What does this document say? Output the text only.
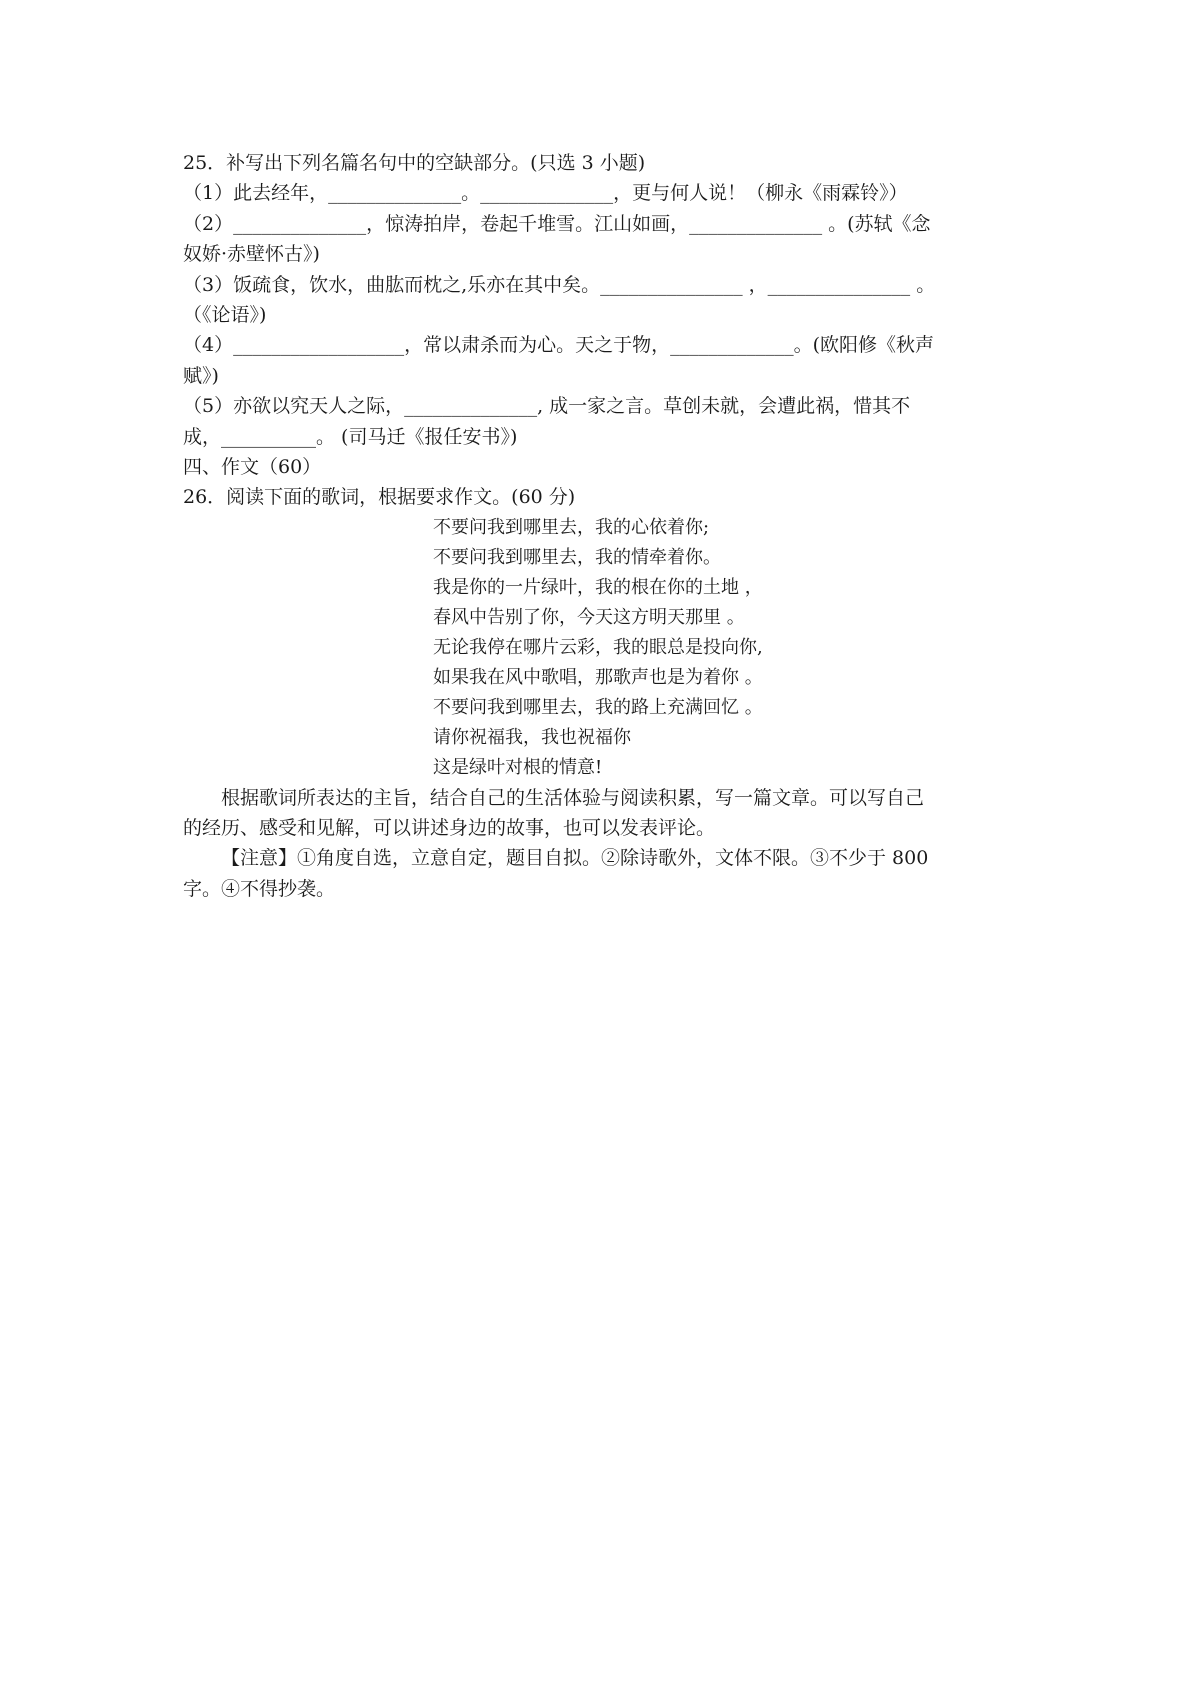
25．补写出下列名篇名句中的空缺部分。(只选 3 小题)
（1）此去经年，______________。______________，更与何人说！（柳永《雨霖铃》）
（2）______________，惊涛拍岸，卷起千堆雪。江山如画，______________ 。(苏轼《念
奴娇·赤壁怀古》)
（3）饭疏食，饮水，曲肱而枕之,乐亦在其中矣。_______________ ，_______________ 。
（《论语》)
（4）__________________，常以肃杀而为心。天之于物，_____________。(欧阳修《秋声
赋》)
（5）亦欲以究天人之际，______________, 成一家之言。草创未就，会遭此祸，惜其不
成，__________。 (司马迁《报任安书》)
四、作文（60）
26．阅读下面的歌词，根据要求作文。(60 分)
不要问我到哪里去，我的心依着你;
不要问我到哪里去，我的情牵着你。
我是你的一片绿叶，我的根在你的土地 ，
春风中告别了你，今天这方明天那里 。
无论我停在哪片云彩，我的眼总是投向你,
如果我在风中歌唱，那歌声也是为着你 。
不要问我到哪里去，我的路上充满回忆 。
请你祝福我，我也祝福你
这是绿叶对根的情意!
根据歌词所表达的主旨，结合自己的生活体验与阅读积累，写一篇文章。可以写自己
的经历、感受和见解，可以讲述身边的故事，也可以发表评论。
【注意】①角度自选，立意自定，题目自拟。②除诗歌外，文体不限。③不少于 800
字。④不得抄袭。
